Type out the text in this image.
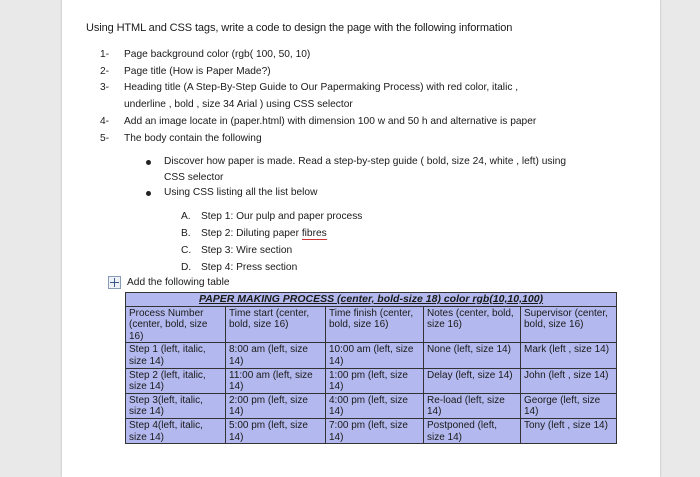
Using HTML and CSS tags, write a code to design the page with the following information
1- Page background color (rgb( 100, 50, 10)
2- Page title (How is Paper Made?)
3- Heading title (A Step-By-Step Guide to Our Papermaking Process) with red color, italic ,
underline , bold , size 34 Arial ) using CSS selector
4- Add an image locate in (paper.html) with dimension 100 w and 50 h and alternative is paper
5- The body contain the following
Discover how paper is made. Read a step-by-step guide ( bold, size 24, white , left) using
CSS selector
Using CSS listing all the list below
A. Step 1: Our pulp and paper process
B. Step 2: Diluting paper fibres
C. Step 3: Wire section
D. Step 4: Press section
Add the following table
PAPER MAKING PROCESS (center, bold-size 18) color rgb(10,10,100)				
Process Number (center, bold, size 16)	Time start (center, bold, size 16)	Time finish (center, bold, size 16)	Notes (center, bold, size 16)	Supervisor (center, bold, size 16)
Step 1 (left, italic, size 14)	8:00 am (left, size 14)	10:00 am (left, size 14)	None (left, size 14)	Mark (left , size 14)
Step 2 (left, italic, size 14)	11:00 am (left, size 14)	1:00 pm (left, size 14)	Delay (left, size 14)	John (left , size 14)
Step 3(left, italic, size 14)	2:00 pm (left, size 14)	4:00 pm (left, size 14)	Re-load (left, size 14)	George (left, size 14)
Step 4(left, italic, size 14)	5:00 pm (left, size 14)	7:00 pm (left, size 14)	Postponed (left, size 14)	Tony (left , size 14)
